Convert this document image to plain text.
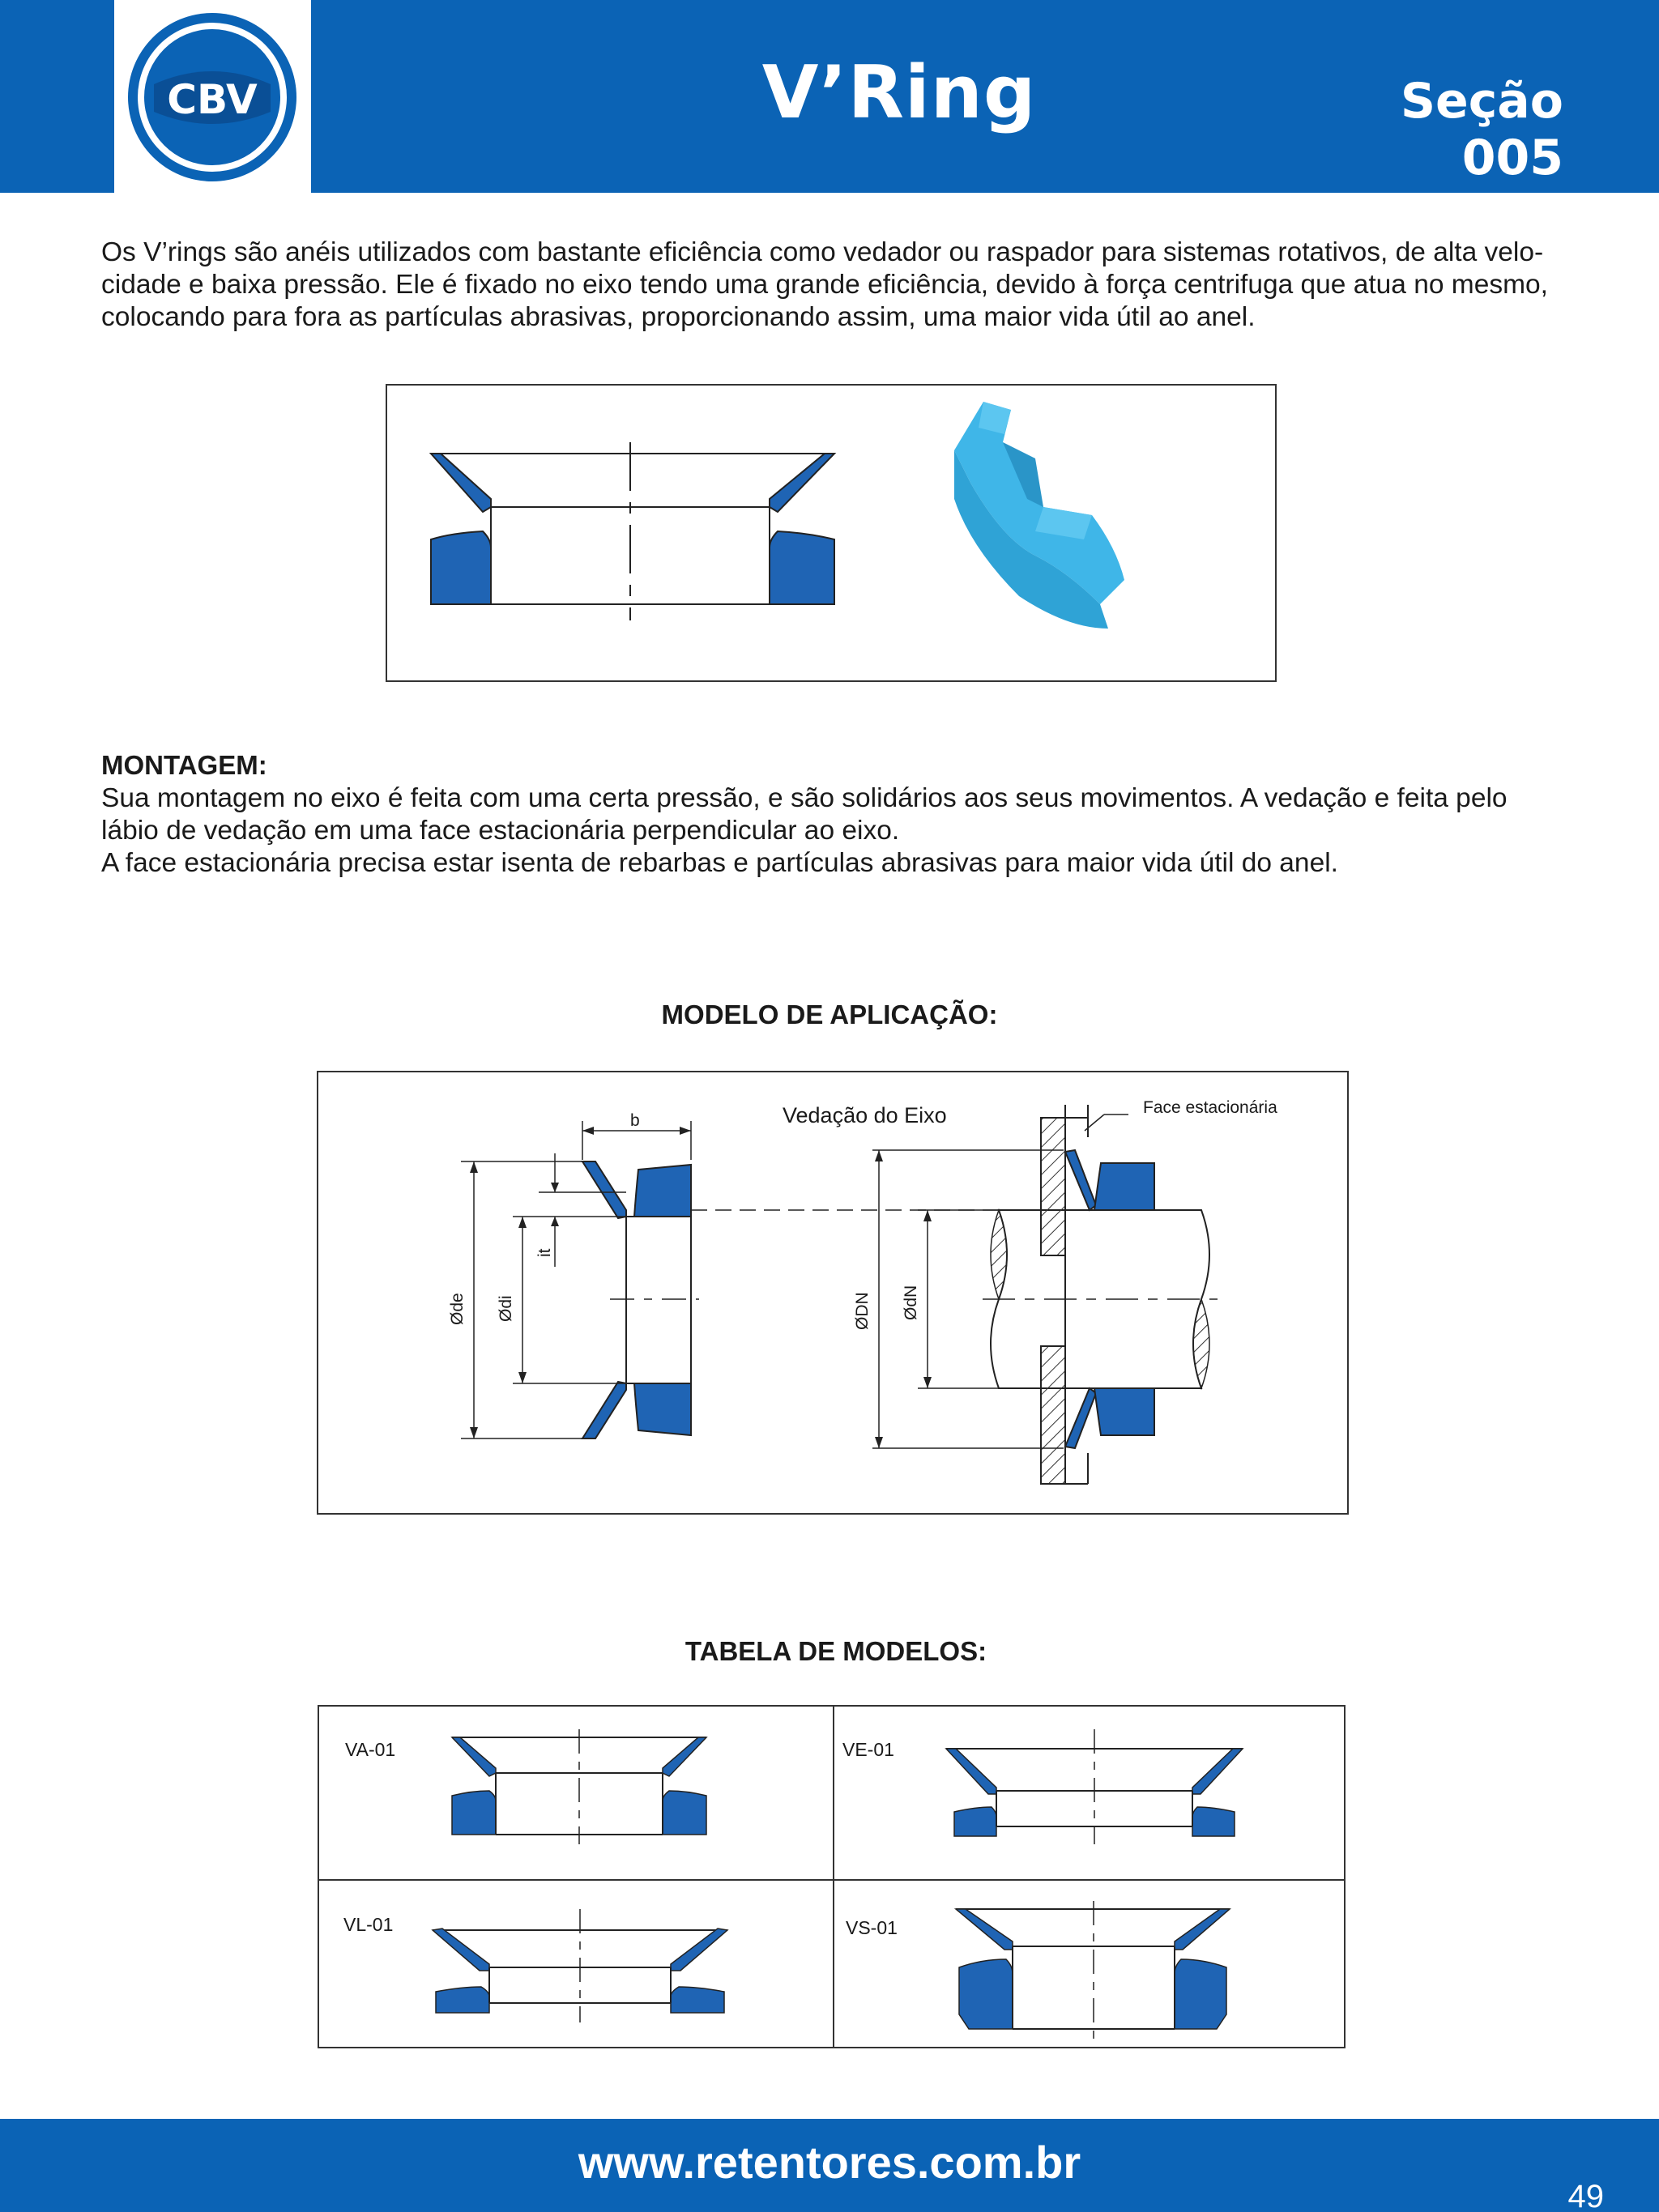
CBV	V’Ring	Seção 005
Os V’rings são anéis utilizados com bastante eficiência como vedador ou raspador para sistemas rotativos, de alta velo-
cidade e baixa pressão. Ele é fixado no eixo tendo uma grande eficiência, devido à força centrifuga que atua no mesmo,
colocando para fora as partículas abrasivas, proporcionando assim, uma maior vida útil ao anel.
MONTAGEM:
Sua montagem no eixo é feita com uma certa pressão, e são solidários aos seus movimentos. A vedação e feita pelo
lábio de vedação em uma face estacionária perpendicular ao eixo.
A face estacionária precisa estar isenta de rebarbas e partículas abrasivas para maior vida útil do anel.
MODELO DE APLICAÇÃO:
b	Vedação do Eixo	Face estacionária
Øde Ødi
it
ØDN ØdN
TABELA DE MODELOS:
VA-01	VE-01
VL-01	VS-01
www.retentores.com.br
49
